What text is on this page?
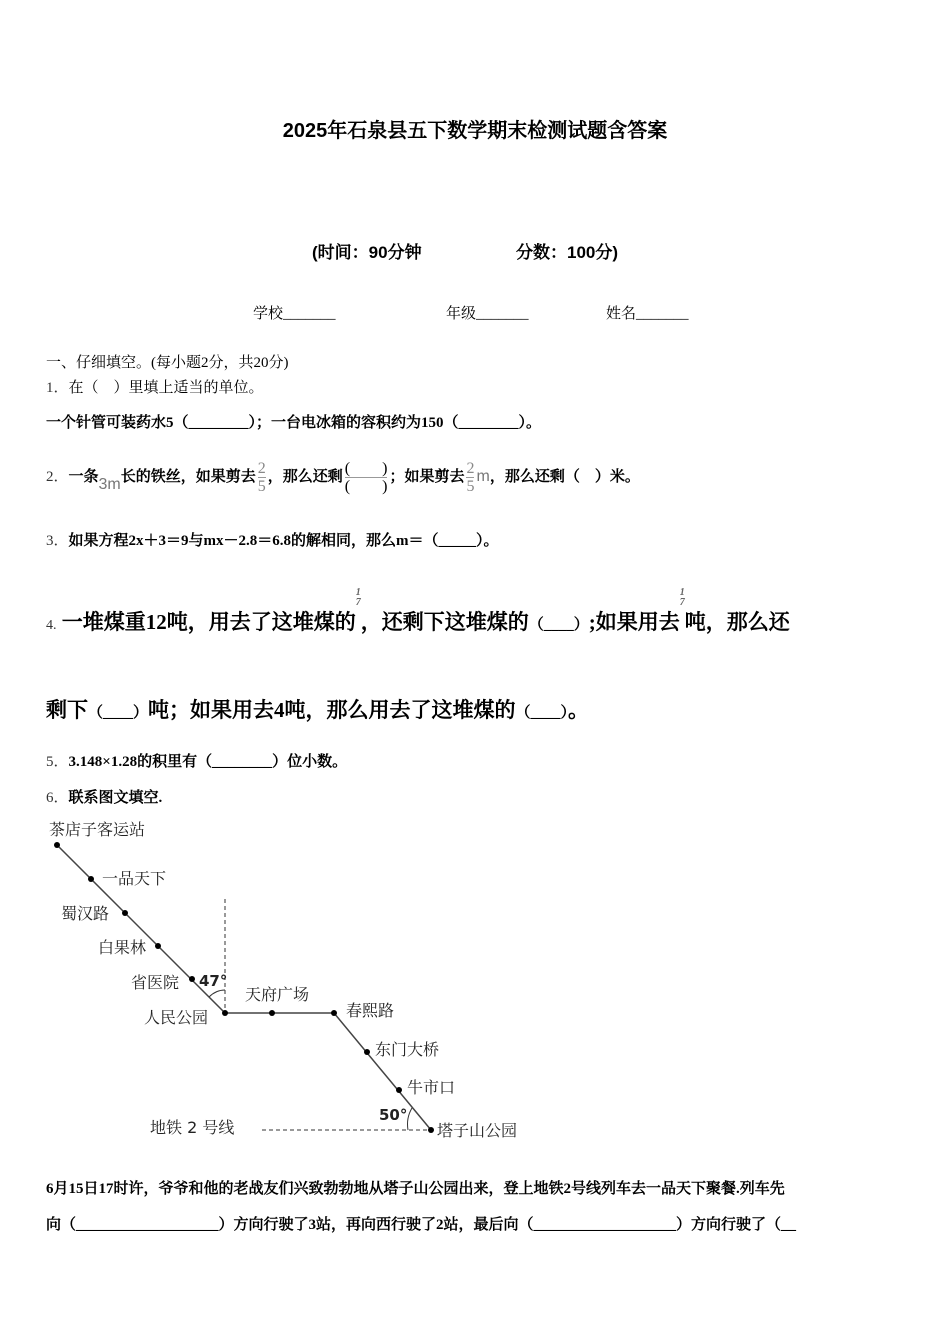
2025年石泉县五下数学期末检测试题含答案
(时间：90分钟	分数：100分)
学校_______	年级_______	姓名_______
一、仔细填空。(每小题2分，共20分)
1．在（　）里填上适当的单位。
一个针管可装药水5（________）；一台电冰箱的容积约为150（________）。
2．一条3m长的铁丝，如果剪去 $\frac{2}{5}$ ，那么还剩 $\frac{( )}{( )}$ ；如果剪去 $\frac{2}{5}$ m，那么还剩（　）米。
3．如果方程2x＋3＝9与mx－2.8＝6.8的解相同，那么m＝（_____）。
4. 一堆煤重12吨，用去了这堆煤的1
7，还剩下这堆煤的（____）;如果用去1
7吨，那么还
剩下（____）吨；如果用去4吨，那么用去了这堆煤的（____）。
5．3.148×1.28的积里有（________）位小数。
6．联系图文填空.
茶店子客运站
一品天下
蜀汉路
白果林
省医院
人民公园
天府广场
春熙路
东门大桥
牛市口
塔子山公园
47°
50°
地铁 2 号线
6月15日17时许，爷爷和他的老战友们兴致勃勃地从塔子山公园出来，登上地铁2号线列车去一品天下聚餐.列车先
向（___________________）方向行驶了3站，再向西行驶了2站，最后向（___________________）方向行驶了（__
